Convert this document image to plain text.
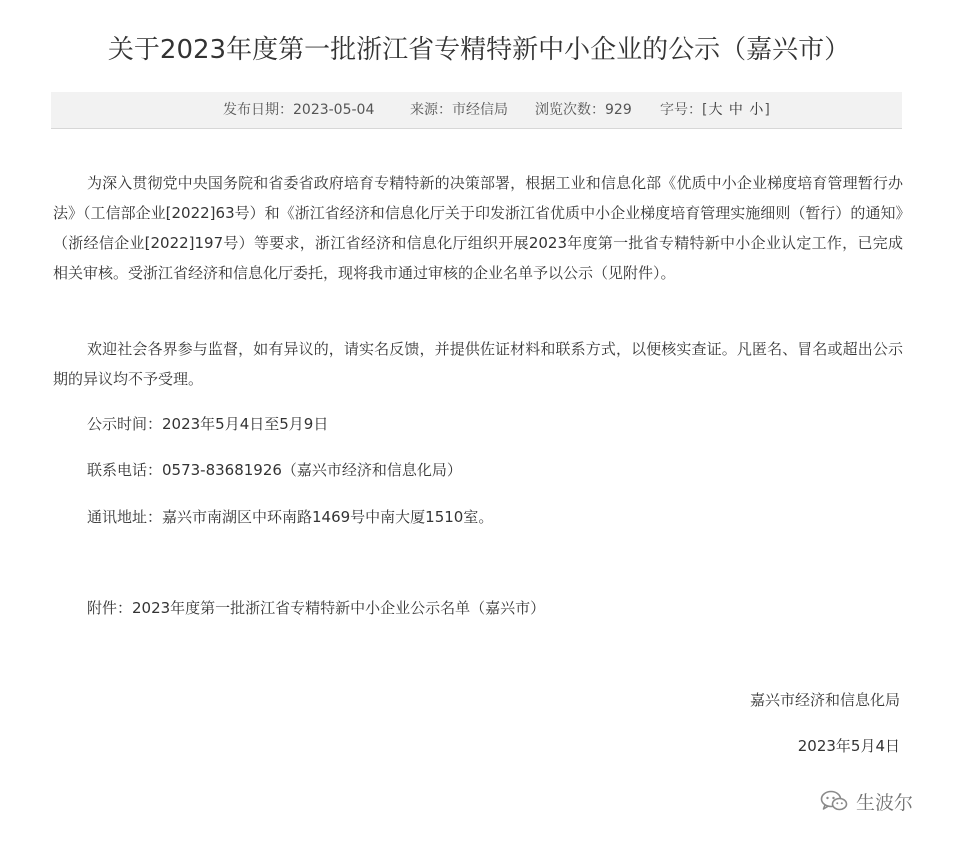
关于2023年度第一批浙江省专精特新中小企业的公示（嘉兴市）
发布日期：2023-05-04	来源：市经信局 浏览次数：929 字号：[大 中 小]

为深入贯彻党中央国务院和省委省政府培育专精特新的决策部署，根据工业和信息化部《优质中小企业梯度培育管理暂行办法》（工信部企业[2022]63号）和《浙江省经济和信息化厅关于印发浙江省优质中小企业梯度培育管理实施细则（暂行）的通知》（浙经信企业[2022]197号）等要求，浙江省经济和信息化厅组织开展2023年度第一批省专精特新中小企业认定工作，已完成相关审核。受浙江省经济和信息化厅委托，现将我市通过审核的企业名单予以公示（见附件）。

欢迎社会各界参与监督，如有异议的，请实名反馈，并提供佐证材料和联系方式，以便核实查证。凡匿名、冒名或超出公示期的异议均不予受理。

公示时间：2023年5月4日至5月9日
联系电话：0573-83681926（嘉兴市经济和信息化局）
通讯地址：嘉兴市南湖区中环南路1469号中南大厦1510室。
附件：2023年度第一批浙江省专精特新中小企业公示名单（嘉兴市）
嘉兴市经济和信息化局
2023年5月4日
生波尔
